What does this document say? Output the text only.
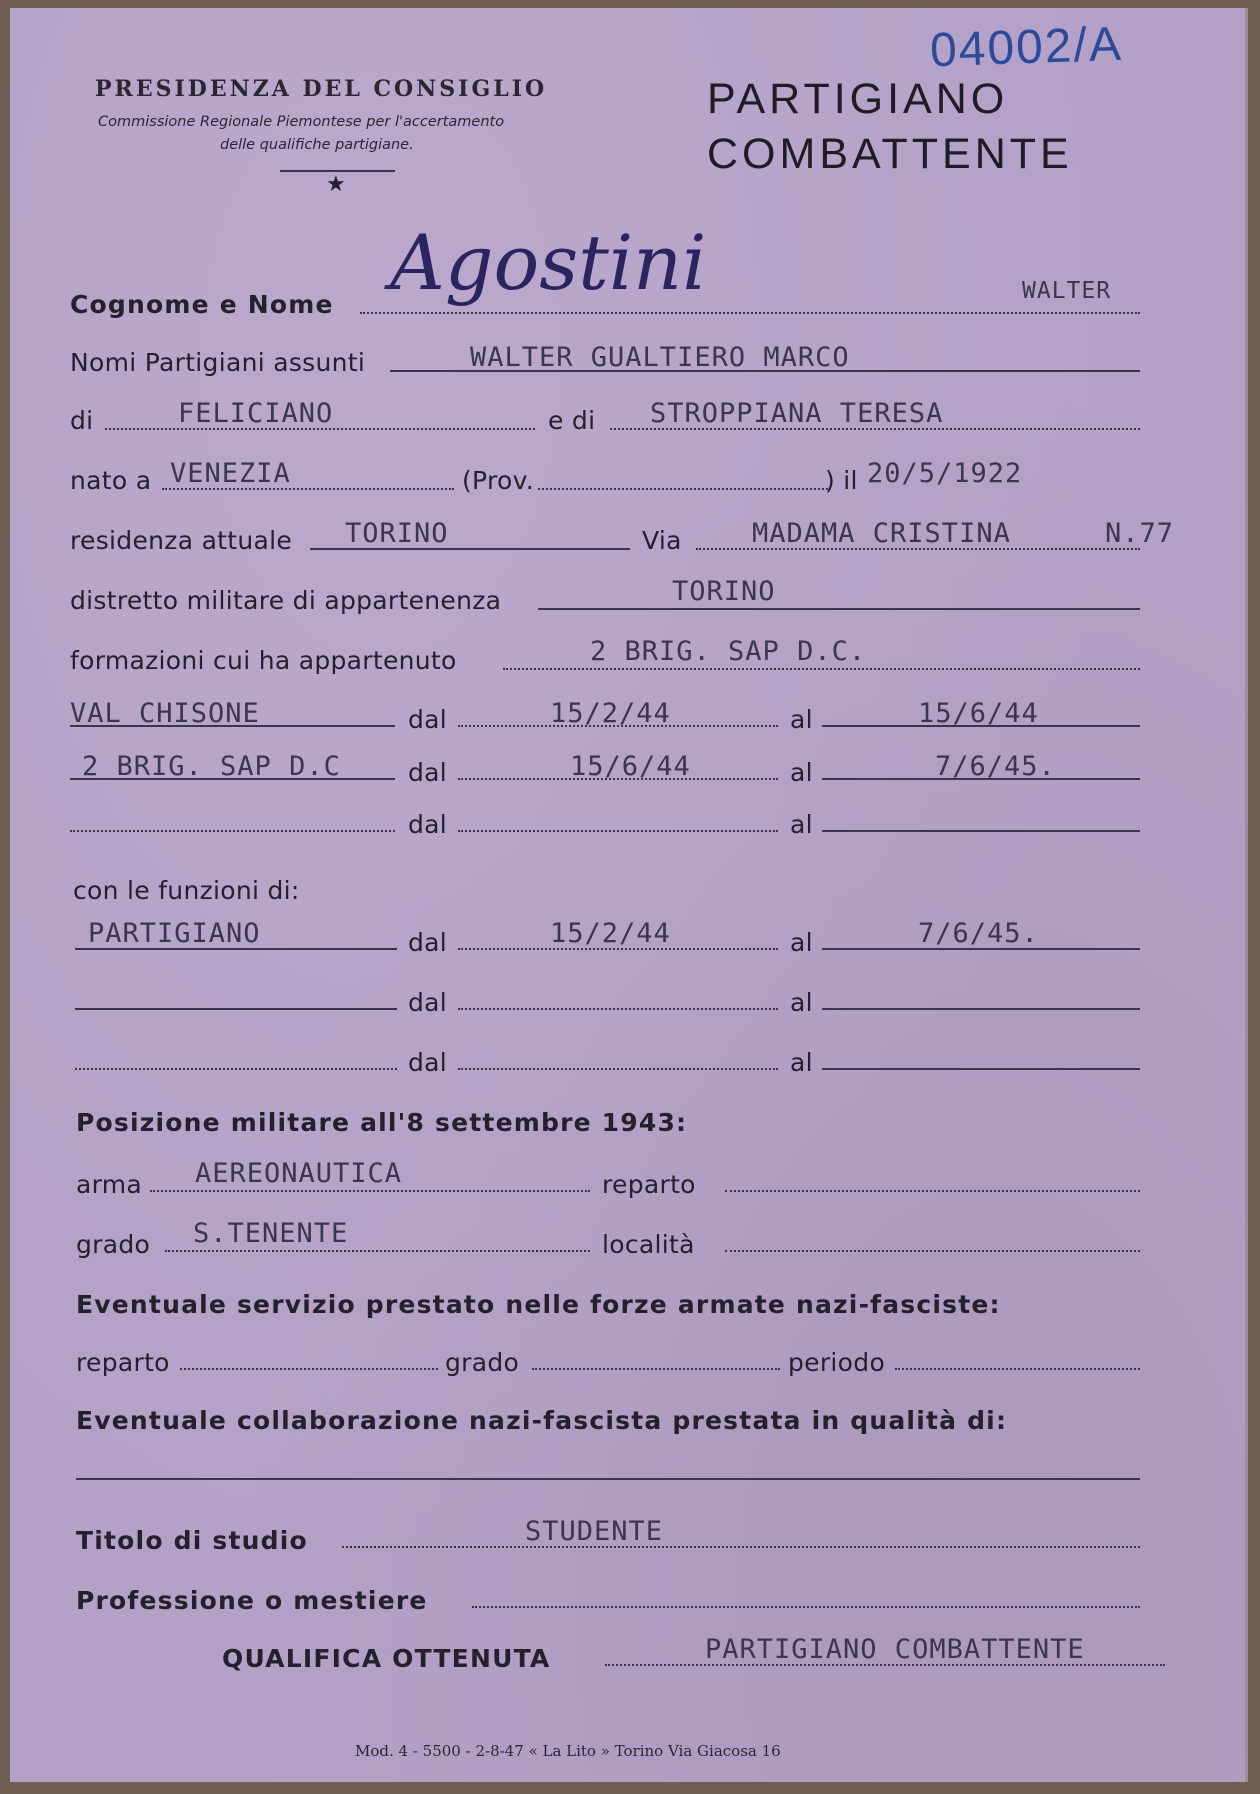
PRESIDENZA DEL CONSIGLIO
Commissione Regionale Piemontese per l'accertamento
delle qualifiche partigiane.
★
PARTIGIANO
COMBATTENTE
04002/A
Cognome e Nome Agostini	WALTER
Nomi Partigiani assunti	WALTER GUALTIERO MARCO
di	FELICIANO	e di STROPPIANA TERESA
nato a VENEZIA	(Prov.	) il 20/5/1922
residenza attuale TORINO	Via	MADAMA CRISTINA	N.77
distretto militare di appartenenza	TORINO
formazioni cui ha appartenuto	2 BRIG. SAP D.C.
VAL CHISONE	dal	15/2/44	al	15/6/44
2 BRIG. SAP D.C	dal	15/6/44	al	7/6/45.
dal	al
con le funzioni di:
PARTIGIANO	dal	15/2/44	al	7/6/45.
dal	al
dal	al
Posizione militare all'8 settembre 1943:
arma AEREONAUTICA	reparto
grado S.TENENTE	località
Eventuale servizio prestato nelle forze armate nazi-fasciste:
reparto	grado	periodo
Eventuale collaborazione nazi-fascista prestata in qualità di:
Titolo di studio	STUDENTE
Professione o mestiere
QUALIFICA OTTENUTA	PARTIGIANO COMBATTENTE
Mod. 4 - 5500 - 2-8-47 « La Lito » Torino Via Giacosa 16
